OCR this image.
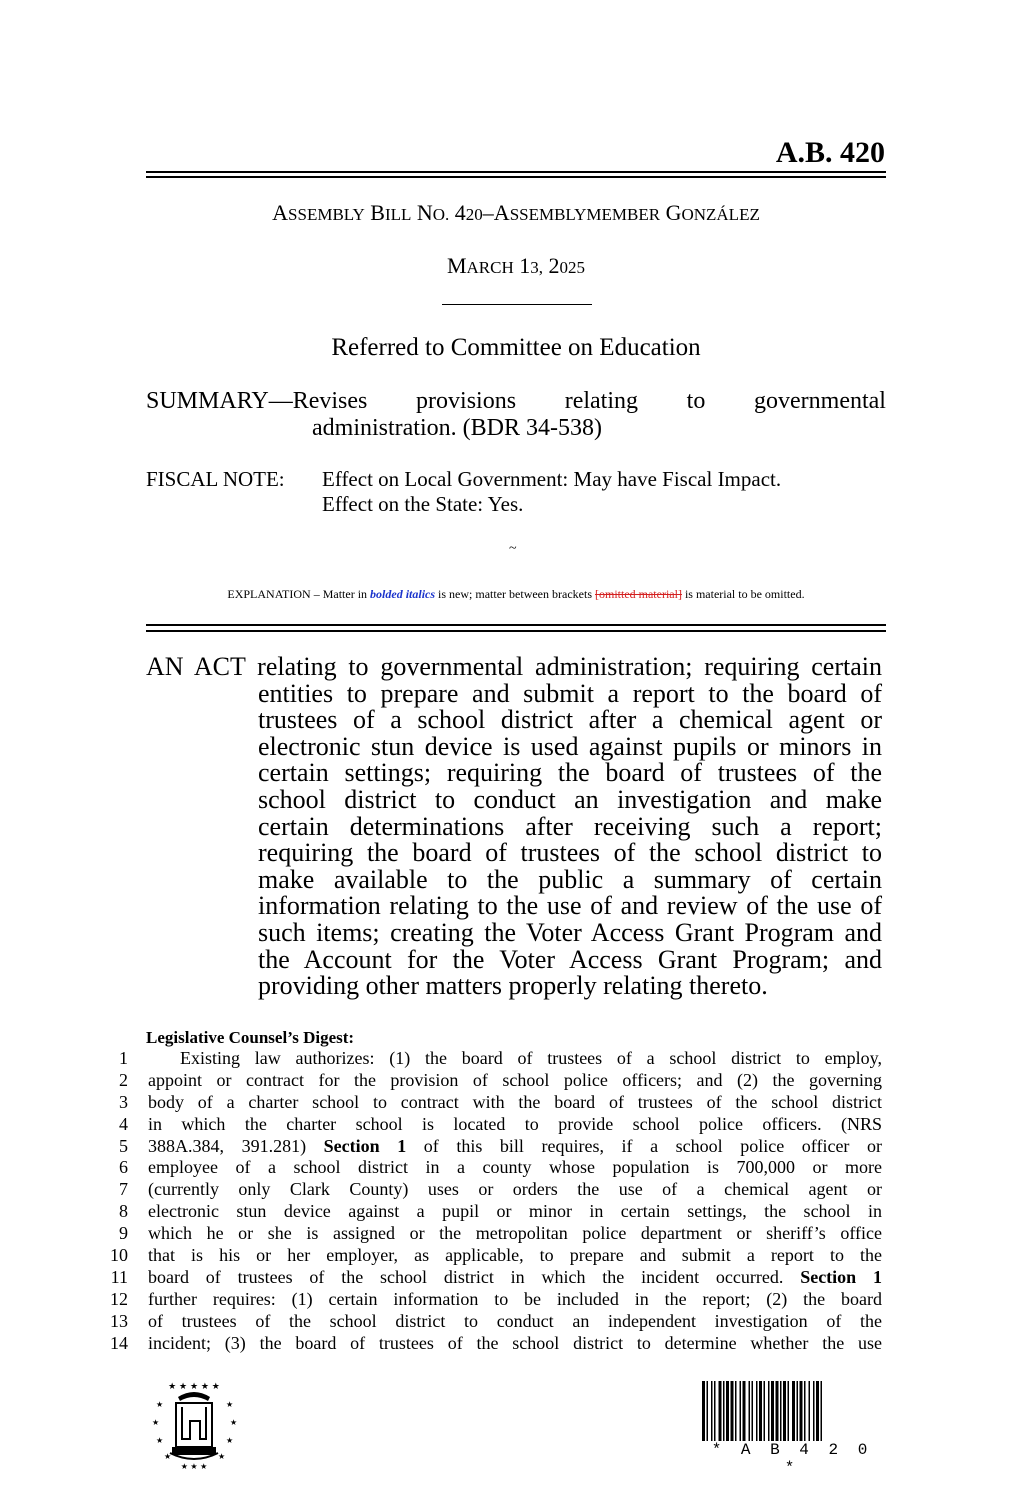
A.B. 420
ASSEMBLY BILL NO. 420–ASSEMBLYMEMBER GONZÁLEZ
MARCH 13, 2025
Referred to Committee on Education
SUMMARY—Revises provisions relating to governmental
administration. (BDR 34-538)
FISCAL NOTE:	Effect on Local Government: May have Fiscal Impact.
Effect on the State: Yes.
~
EXPLANATION – Matter in bolded italics is new; matter between brackets [omitted material] is material to be omitted.
AN ACT relating to governmental administration; requiring certain
entities to prepare and submit a report to the board of
trustees of a school district after a chemical agent or
electronic stun device is used against pupils or minors in
certain settings; requiring the board of trustees of the
school district to conduct an investigation and make
certain determinations after receiving such a report;
requiring the board of trustees of the school district to
make available to the public a summary of certain
information relating to the use of and review of the use of
such items; creating the Voter Access Grant Program and
the Account for the Voter Access Grant Program; and
providing other matters properly relating thereto.
Legislative Counsel’s Digest:
1	Existing law authorizes: (1) the board of trustees of a school district to employ,
2 appoint or contract for the provision of school police officers; and (2) the governing
3 body of a charter school to contract with the board of trustees of the school district
4 in which the charter school is located to provide school police officers. (NRS
5 388A.384, 391.281) Section 1 of this bill requires, if a school police officer or
6 employee of a school district in a county whose population is 700,000 or more
7 (currently only Clark County) uses or orders the use of a chemical agent or
8 electronic stun device against a pupil or minor in certain settings, the school in
9 which he or she is assigned or the metropolitan police department or sheriff’s office
10 that is his or her employer, as applicable, to prepare and submit a report to the
11 board of trustees of the school district in which the incident occurred. Section 1
12 further requires: (1) certain information to be included in the report; (2) the board
13 of trustees of the school district to conduct an independent investigation of the
14 incident; (3) the board of trustees of the school district to determine whether the use
★ ★ ★ ★ ★
★
★
★
★
★
★
★
★
★ ★ ★
* A B 4 2 0 *
